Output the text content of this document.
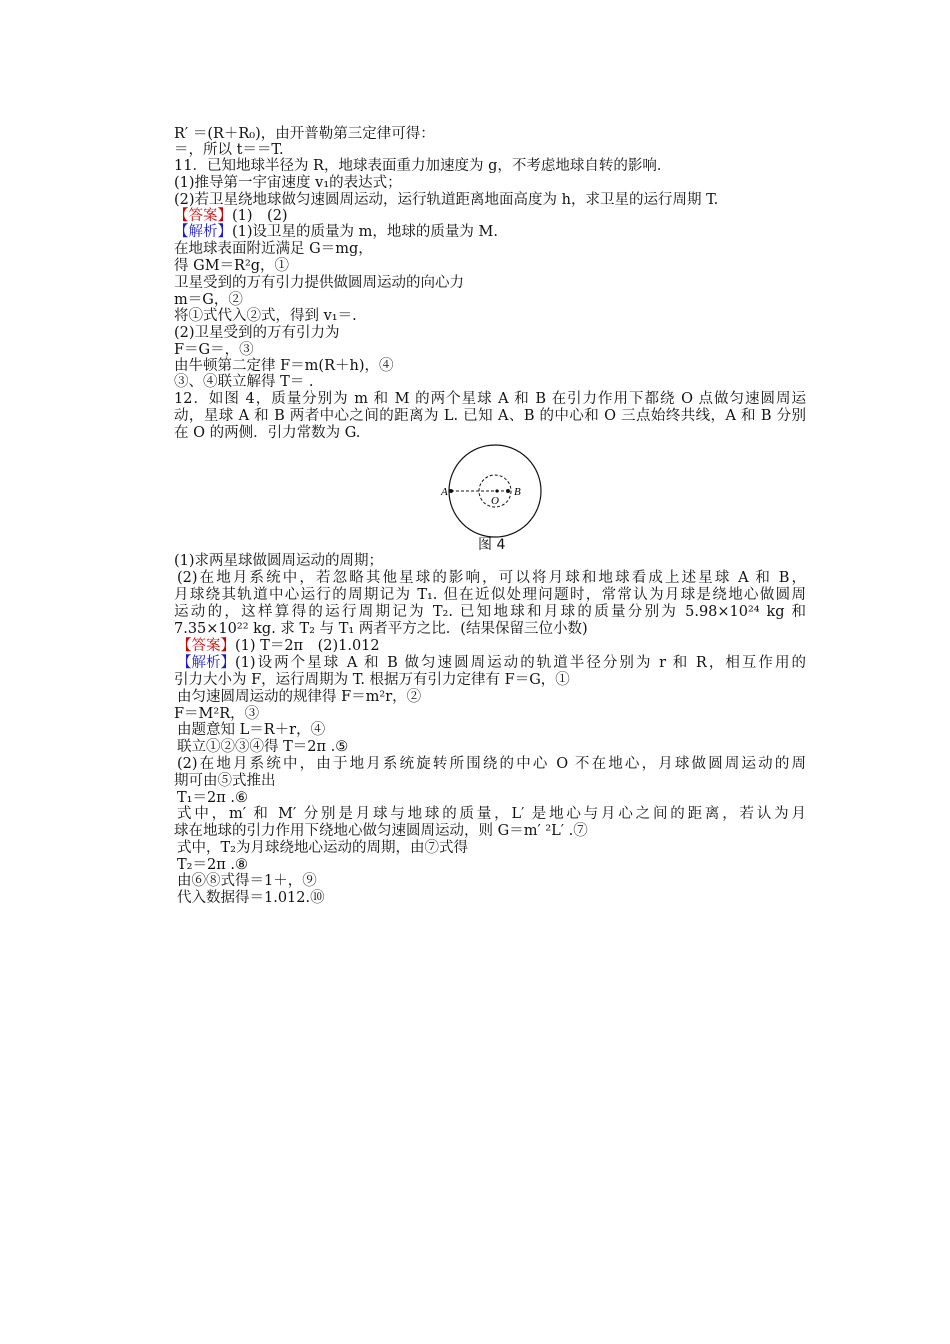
R′ ＝(R＋R₀)，由开普勒第三定律可得：
＝，所以 t＝＝T.
11．已知地球半径为 R，地球表面重力加速度为 g，不考虑地球自转的影响．
(1)推导第一宇宙速度 v₁的表达式；
(2)若卫星绕地球做匀速圆周运动，运行轨道距离地面高度为 h，求卫星的运行周期 T.
【答案】(1)　(2)
【解析】(1)设卫星的质量为 m，地球的质量为 M.
在地球表面附近满足 G＝mg，
得 GM＝R²g，①
卫星受到的万有引力提供做圆周运动的向心力
m＝G，②
将①式代入②式，得到 v₁＝.
(2)卫星受到的万有引力为
F＝G＝，③
由牛顿第二定律 F＝m(R＋h)，④
③、④联立解得 T＝ .
12．如图 4，质量分别为 m 和 M 的两个星球 A 和 B 在引力作用下都绕 O 点做匀速圆周运
动，星球 A 和 B 两者中心之间的距离为 L. 已知 A、B 的中心和 O 三点始终共线，A 和 B 分别
在 O 的两侧．引力常数为 G.
A	B
O
图 4
(1)求两星球做圆周运动的周期；
(2)在地月系统中，若忽略其他星球的影响，可以将月球和地球看成上述星球 A 和 B，
月球绕其轨道中心运行的周期记为 T₁. 但在近似处理问题时，常常认为月球是绕地心做圆周
运动的，这样算得的运行周期记为 T₂. 已知地球和月球的质量分别为 5.98×10²⁴ kg 和
7.35×10²² kg. 求 T₂ 与 T₁ 两者平方之比．(结果保留三位小数)
【答案】(1) T＝2π　(2)1.012
【解析】 (1)设两个星球 A 和 B 做匀速圆周运动的轨道半径分别为 r 和 R，相互作用的
引力大小为 F，运行周期为 T. 根据万有引力定律有 F＝G，①
由匀速圆周运动的规律得 F＝m²r，②
F＝M²R，③
由题意知 L＝R＋r，④
联立①②③④得 T＝2π .⑤
(2)在地月系统中，由于地月系统旋转所围绕的中心 O 不在地心，月球做圆周运动的周
期可由⑤式推出
T₁＝2π .⑥
式中，m′ 和 M′ 分别是月球与地球的质量，L′ 是地心与月心之间的距离，若认为月
球在地球的引力作用下绕地心做匀速圆周运动，则 G＝m′ ²L′ .⑦
式中，T₂为月球绕地心运动的周期，由⑦式得
T₂＝2π .⑧
由⑥⑧式得＝1＋，⑨
代入数据得＝1.012.⑩
